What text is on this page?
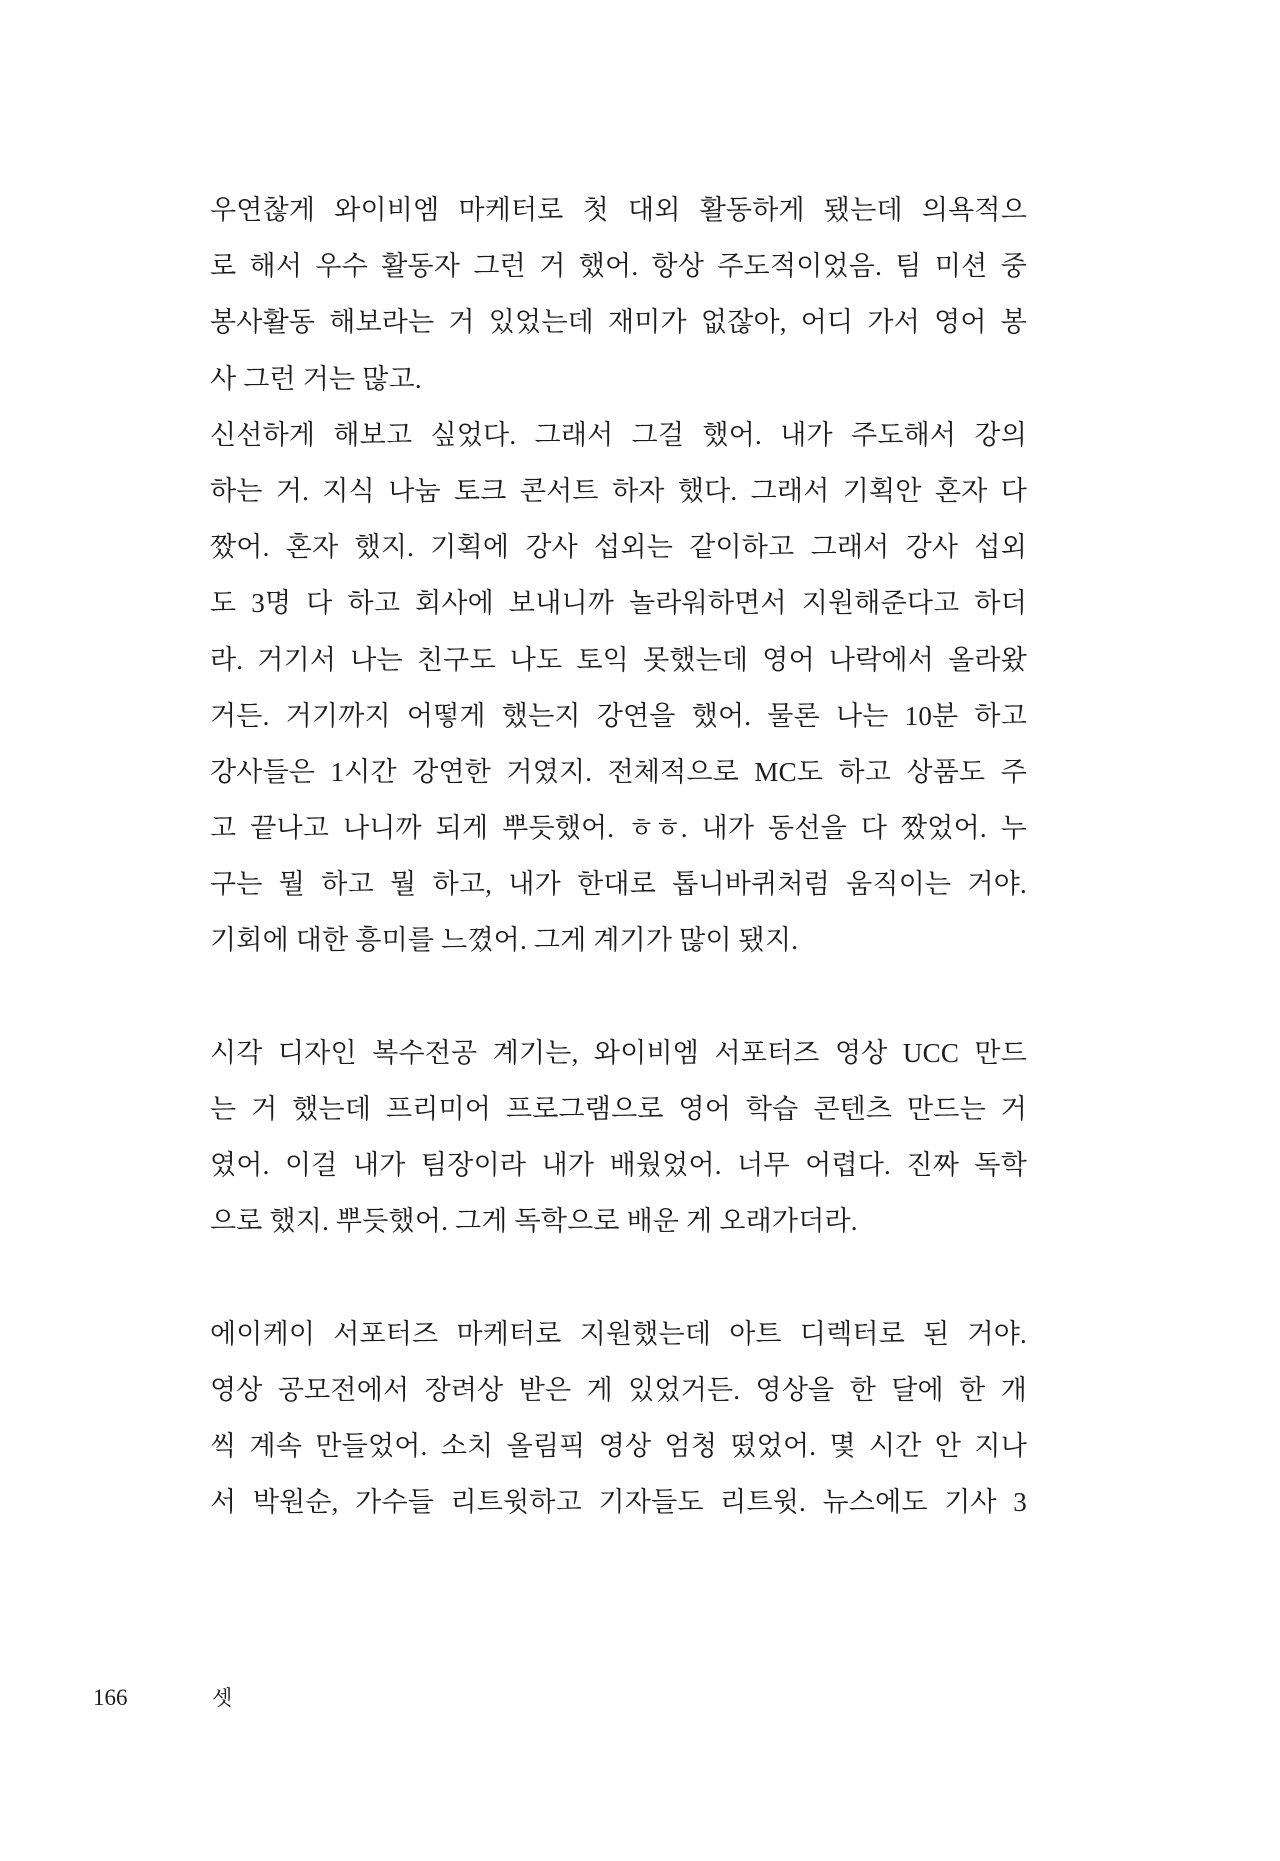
우연찮게 와이비엠 마케터로 첫 대외 활동하게 됐는데 의욕적으
로 해서 우수 활동자 그런 거 했어. 항상 주도적이었음. 팀 미션 중
봉사활동 해보라는 거 있었는데 재미가 없잖아, 어디 가서 영어 봉
사 그런 거는 많고.
신선하게 해보고 싶었다. 그래서 그걸 했어. 내가 주도해서 강의
하는 거. 지식 나눔 토크 콘서트 하자 했다. 그래서 기획안 혼자 다
짰어. 혼자 했지. 기획에 강사 섭외는 같이하고 그래서 강사 섭외
도 3명 다 하고 회사에 보내니까 놀라워하면서 지원해준다고 하더
라. 거기서 나는 친구도 나도 토익 못했는데 영어 나락에서 올라왔
거든. 거기까지 어떻게 했는지 강연을 했어. 물론 나는 10분 하고
강사들은 1시간 강연한 거였지. 전체적으로 MC도 하고 상품도 주
고 끝나고 나니까 되게 뿌듯했어. ㅎㅎ. 내가 동선을 다 짰었어. 누
구는 뭘 하고 뭘 하고, 내가 한대로 톱니바퀴처럼 움직이는 거야.
기회에 대한 흥미를 느꼈어. 그게 계기가 많이 됐지.
시각 디자인 복수전공 계기는, 와이비엠 서포터즈 영상 UCC 만드
는 거 했는데 프리미어 프로그램으로 영어 학습 콘텐츠 만드는 거
였어. 이걸 내가 팀장이라 내가 배웠었어. 너무 어렵다. 진짜 독학
으로 했지. 뿌듯했어. 그게 독학으로 배운 게 오래가더라.
에이케이 서포터즈 마케터로 지원했는데 아트 디렉터로 된 거야.
영상 공모전에서 장려상 받은 게 있었거든. 영상을 한 달에 한 개
씩 계속 만들었어. 소치 올림픽 영상 엄청 떴었어. 몇 시간 안 지나
서 박원순, 가수들 리트윗하고 기자들도 리트윗. 뉴스에도 기사 3
166	셋
